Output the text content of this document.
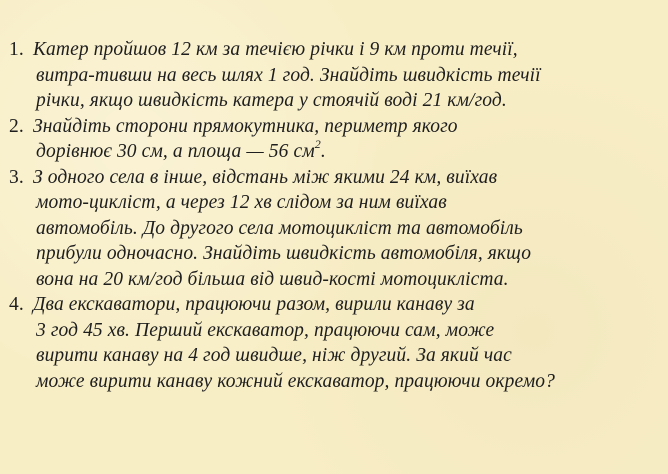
1. Катер пройшов 12 км за течією річки і 9 км проти течії,
витра-тивши на весь шлях 1 год. Знайдіть швидкість течії
річки, якщо швидкість катера у стоячій воді 21 км/год.
2. Знайдіть сторони прямокутника, периметр якого
дорівнює 30 см, а площа — 56 $см^2$.
3. З одного села в інше, відстань між якими 24 км, виїхав
мото-цикліст, а через 12 хв слідом за ним виїхав
автомобіль. До другого села мотоцикліст та автомобіль
прибули одночасно. Знайдіть швидкість автомобіля, якщо
вона на 20 км/год більша від швид-кості мотоцикліста.
4. Два екскаватори, працюючи разом, вирили канаву за
3 год 45 хв. Перший екскаватор, працюючи сам, може
вирити канаву на 4 год швидше, ніж другий. За який час
може вирити канаву кожний екскаватор, працюючи окремо?
